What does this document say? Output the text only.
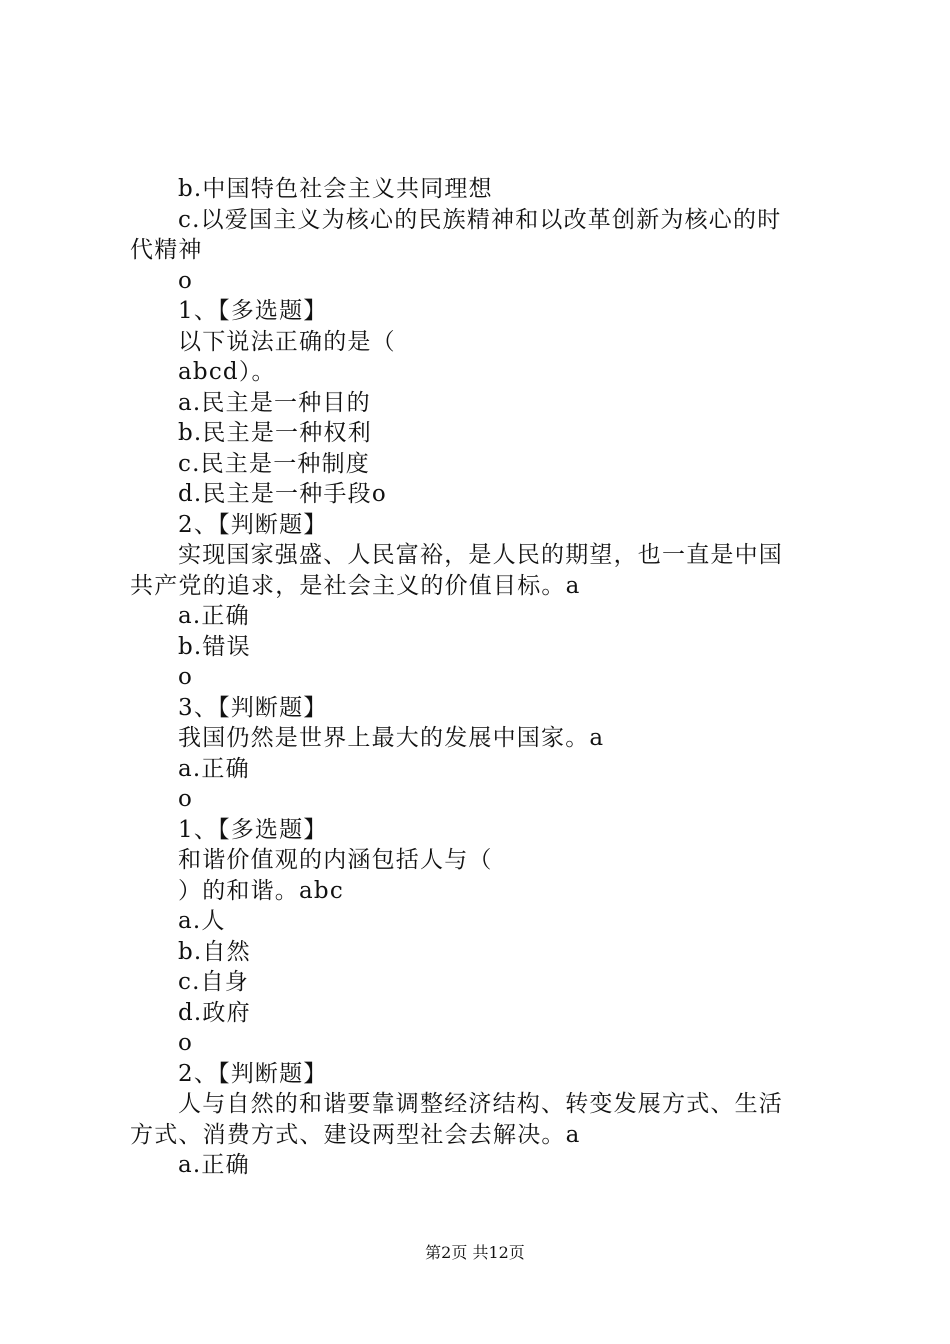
b.中国特色社会主义共同理想
c.以爱国主义为核心的民族精神和以改革创新为核心的时
代精神
o
1、【多选题】
以下说法正确的是（
abcd）。
a.民主是一种目的
b.民主是一种权利
c.民主是一种制度
d.民主是一种手段o
2、【判断题】
实现国家强盛、人民富裕，是人民的期望，也一直是中国
共产党的追求，是社会主义的价值目标。a
a.正确
b.错误
o
3、【判断题】
我国仍然是世界上最大的发展中国家。a
a.正确
o
1、【多选题】
和谐价值观的内涵包括人与（
）的和谐。abc
a.人
b.自然
c.自身
d.政府
o
2、【判断题】
人与自然的和谐要靠调整经济结构、转变发展方式、生活
方式、消费方式、建设两型社会去解决。a
a.正确
第2页 共12页
